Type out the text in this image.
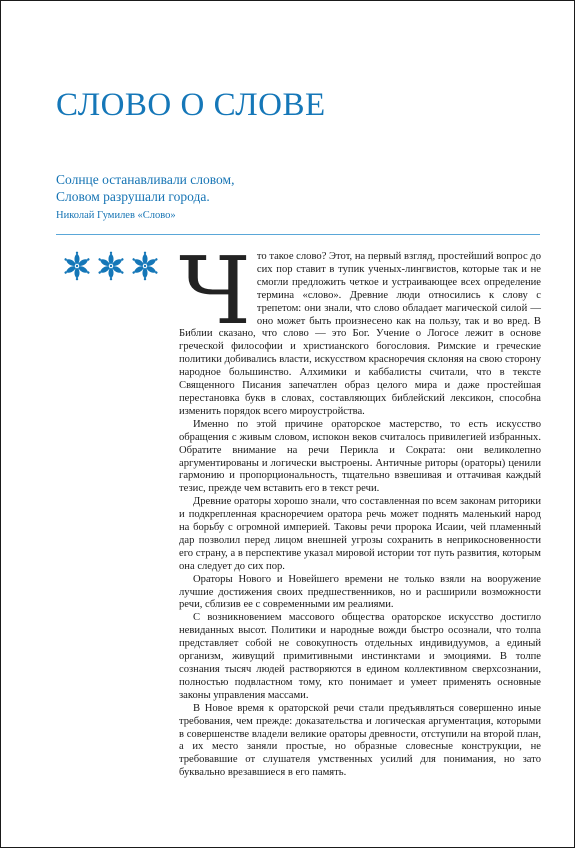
СЛОВО О СЛОВЕ
Солнце останавливали словом,
Словом разрушали города.
Николай Гумилев «Слово»
Ч то такое слово? Этот, на первый взгляд, простейший вопрос до сих пор ставит в тупик ученых-лингвистов, которые так и не смогли предложить четкое и устраивающее всех определение термина «слово». Древние люди относились к слову с трепетом: они знали, что слово обладает магической силой — оно может быть произнесено как на пользу, так и во вред. В Библии сказано, что слово — это Бог. Учение о Логосе лежит в основе греческой философии и христианского богословия. Римские и греческие политики добивались власти, искусством красноречия склоняя на свою сторону народное большинство. Алхимики и каббалисты считали, что в тексте Священного Писания запечатлен образ целого мира и даже простейшая перестановка букв в словах, составляющих библейский лексикон, способна изменить порядок всего мироустройства.

Именно по этой причине ораторское мастерство, то есть искусство обращения с живым словом, испокон веков считалось привилегией избранных. Обратите внимание на речи Перикла и Сократа: они великолепно аргументированы и логически выстроены. Античные риторы (ораторы) ценили гармонию и пропорциональность, тщательно взвешивая и оттачивая каждый тезис, прежде чем вставить его в текст речи.

Древние ораторы хорошо знали, что составленная по всем законам риторики и подкрепленная красноречием оратора речь может поднять маленький народ на борьбу с огромной империей. Таковы речи пророка Исаии, чей пламенный дар позволил перед лицом внешней угрозы сохранить в неприкосновенности его страну, а в перспективе указал мировой истории тот путь развития, которым она следует до сих пор.

Ораторы Нового и Новейшего времени не только взяли на вооружение лучшие достижения своих предшественников, но и расширили возможности речи, сблизив ее с современными им реалиями.

С возникновением массового общества ораторское искусство достигло невиданных высот. Политики и народные вожди быстро осознали, что толпа представляет собой не совокупность отдельных индивидуумов, а единый организм, живущий примитивными инстинктами и эмоциями. В толпе сознания тысяч людей растворяются в едином коллективном сверхсознании, полностью подвластном тому, кто понимает и умеет применять основные законы управления массами.

В Новое время к ораторской речи стали предъявляться совершенно иные требования, чем прежде: доказательства и логическая аргументация, которыми в совершенстве владели великие ораторы древности, отступили на второй план, а их место заняли простые, но образные словесные конструкции, не требовавшие от слушателя умственных усилий для понимания, но зато буквально врезавшиеся в его память.
